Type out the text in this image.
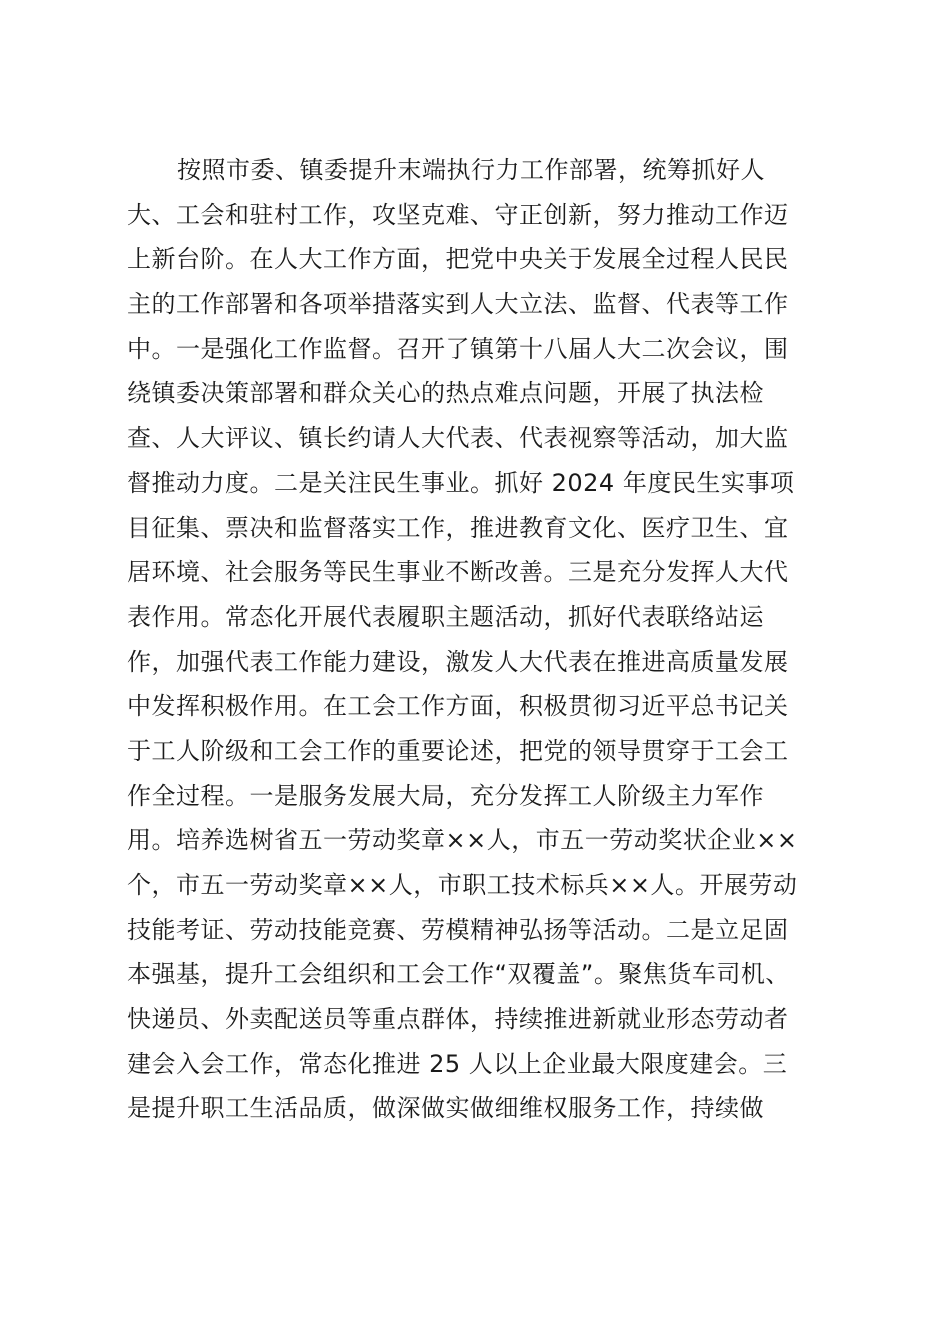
按照市委、镇委提升末端执行力工作部署，统筹抓好人
大、工会和驻村工作，攻坚克难、守正创新，努力推动工作迈
上新台阶。在人大工作方面，把党中央关于发展全过程人民民
主的工作部署和各项举措落实到人大立法、监督、代表等工作
中。一是强化工作监督。召开了镇第十八届人大二次会议，围
绕镇委决策部署和群众关心的热点难点问题，开展了执法检
查、人大评议、镇长约请人大代表、代表视察等活动，加大监
督推动力度。二是关注民生事业。抓好 2024 年度民生实事项
目征集、票决和监督落实工作，推进教育文化、医疗卫生、宜
居环境、社会服务等民生事业不断改善。三是充分发挥人大代
表作用。常态化开展代表履职主题活动，抓好代表联络站运
作，加强代表工作能力建设，激发人大代表在推进高质量发展
中发挥积极作用。在工会工作方面，积极贯彻习近平总书记关
于工人阶级和工会工作的重要论述，把党的领导贯穿于工会工
作全过程。一是服务发展大局，充分发挥工人阶级主力军作
用。培养选树省五一劳动奖章××人，市五一劳动奖状企业××
个，市五一劳动奖章××人，市职工技术标兵××人。开展劳动
技能考证、劳动技能竞赛、劳模精神弘扬等活动。二是立足固
本强基，提升工会组织和工会工作“双覆盖”。聚焦货车司机、
快递员、外卖配送员等重点群体，持续推进新就业形态劳动者
建会入会工作，常态化推进 25 人以上企业最大限度建会。三
是提升职工生活品质，做深做实做细维权服务工作，持续做
